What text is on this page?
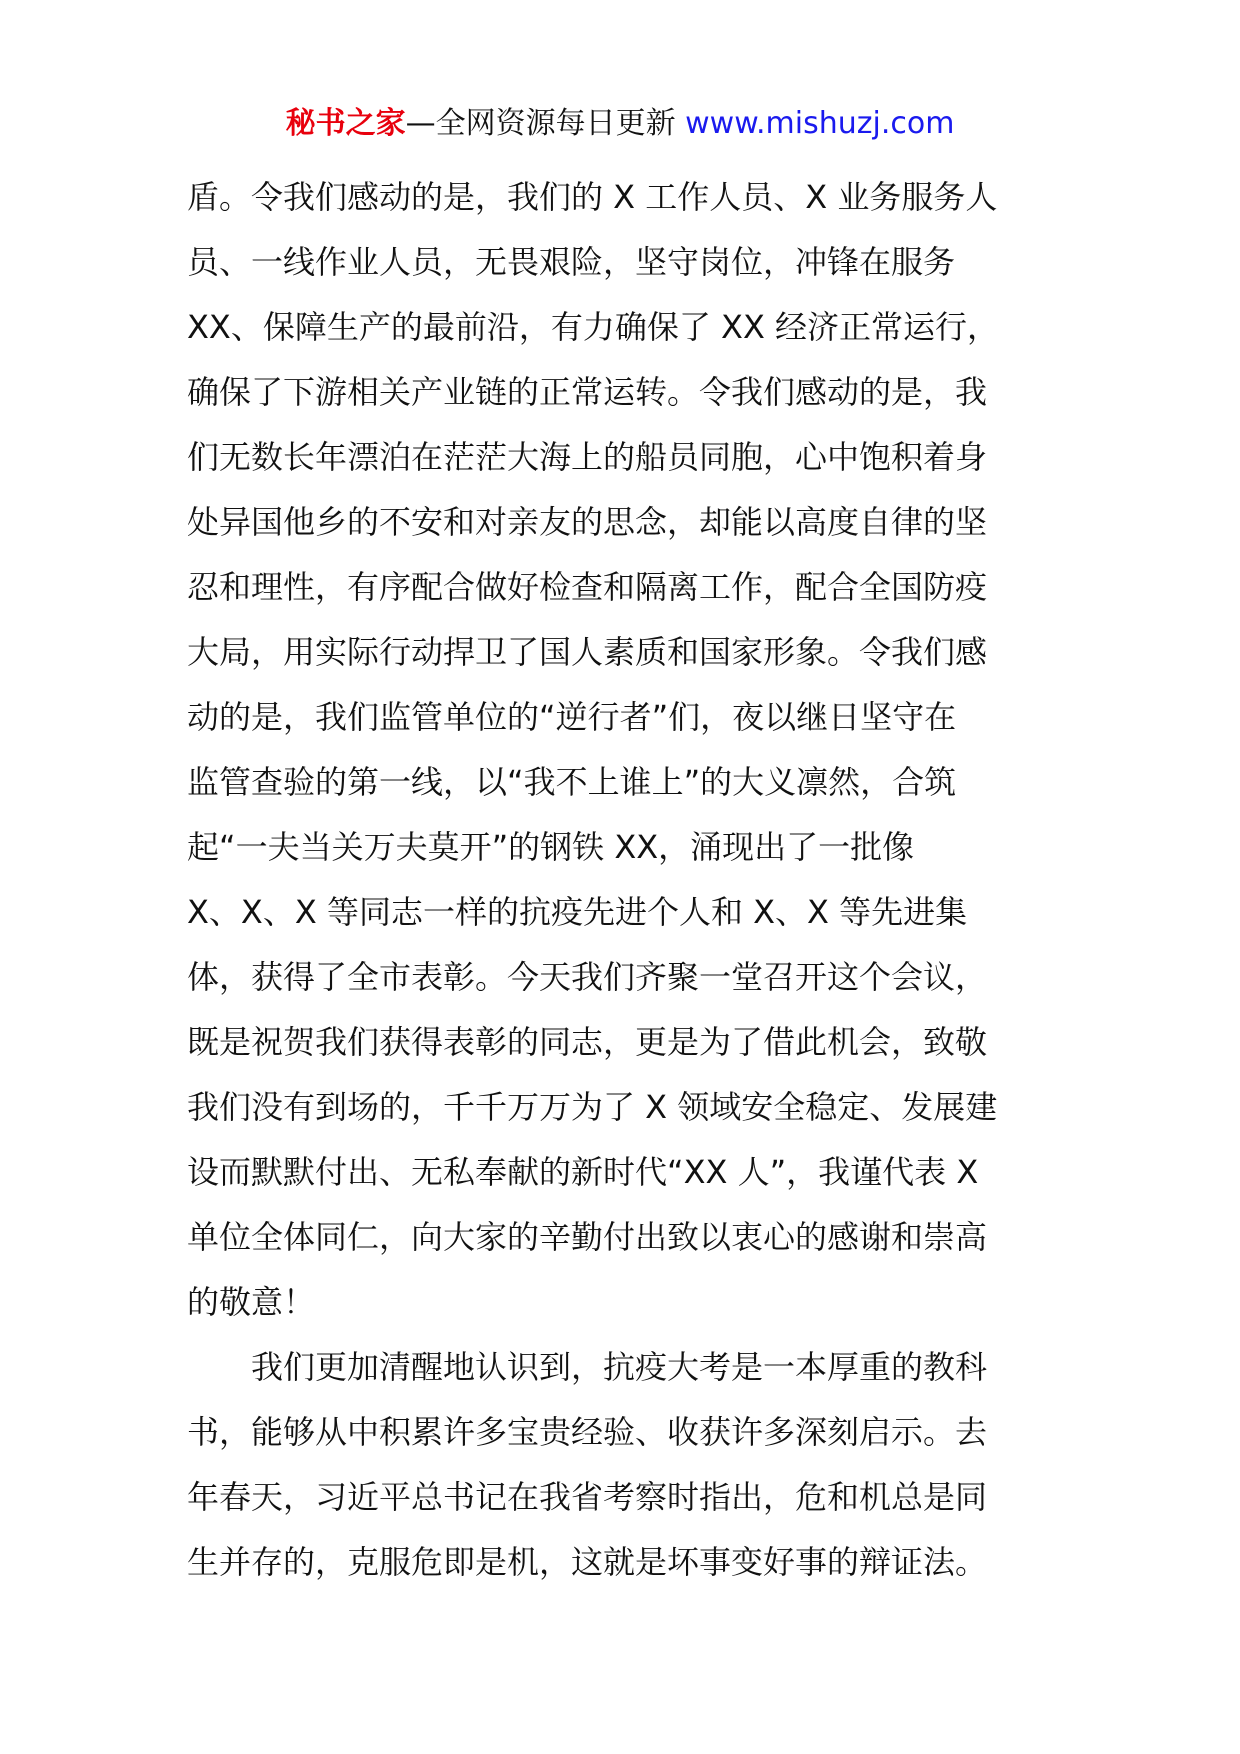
秘书之家—全网资源每日更新 www.mishuzj.com
盾。令我们感动的是，我们的 X 工作人员、X 业务服务人
员、一线作业人员，无畏艰险，坚守岗位，冲锋在服务
XX、保障生产的最前沿，有力确保了 XX 经济正常运行，
确保了下游相关产业链的正常运转。令我们感动的是，我
们无数长年漂泊在茫茫大海上的船员同胞，心中饱积着身
处异国他乡的不安和对亲友的思念，却能以高度自律的坚
忍和理性，有序配合做好检查和隔离工作，配合全国防疫
大局，用实际行动捍卫了国人素质和国家形象。令我们感
动的是，我们监管单位的“逆行者”们，夜以继日坚守在
监管查验的第一线，以“我不上谁上”的大义凛然，合筑
起“一夫当关万夫莫开”的钢铁 XX，涌现出了一批像
X、X、X 等同志一样的抗疫先进个人和 X、X 等先进集
体，获得了全市表彰。今天我们齐聚一堂召开这个会议，
既是祝贺我们获得表彰的同志，更是为了借此机会，致敬
我们没有到场的，千千万万为了 X 领域安全稳定、发展建
设而默默付出、无私奉献的新时代“XX 人”，我谨代表 X
单位全体同仁，向大家的辛勤付出致以衷心的感谢和崇高
的敬意！
我们更加清醒地认识到，抗疫大考是一本厚重的教科
书，能够从中积累许多宝贵经验、收获许多深刻启示。去
年春天，习近平总书记在我省考察时指出，危和机总是同
生并存的，克服危即是机，这就是坏事变好事的辩证法。
